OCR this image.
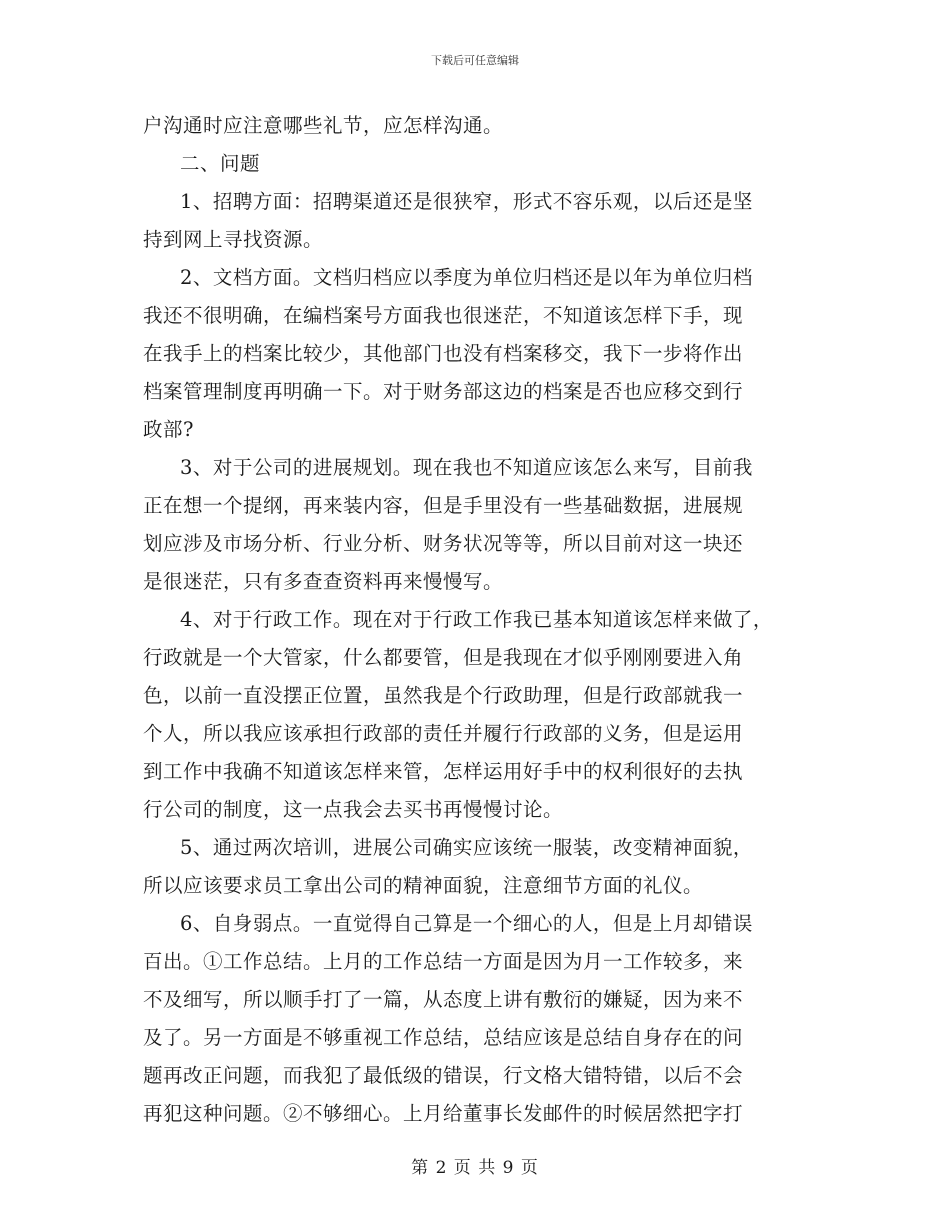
下载后可任意编辑
户沟通时应注意哪些礼节，应怎样沟通。
二、问题
1、招聘方面：招聘渠道还是很狭窄，形式不容乐观，以后还是坚
持到网上寻找资源。
2、文档方面。文档归档应以季度为单位归档还是以年为单位归档
我还不很明确，在编档案号方面我也很迷茫，不知道该怎样下手，现
在我手上的档案比较少，其他部门也没有档案移交，我下一步将作出
档案管理制度再明确一下。对于财务部这边的档案是否也应移交到行
政部?
3、对于公司的进展规划。现在我也不知道应该怎么来写，目前我
正在想一个提纲，再来装内容，但是手里没有一些基础数据，进展规
划应涉及市场分析、行业分析、财务状况等等，所以目前对这一块还
是很迷茫，只有多查查资料再来慢慢写。
4、对于行政工作。现在对于行政工作我已基本知道该怎样来做了，
行政就是一个大管家，什么都要管，但是我现在才似乎刚刚要进入角
色，以前一直没摆正位置，虽然我是个行政助理，但是行政部就我一
个人，所以我应该承担行政部的责任并履行行政部的义务，但是运用
到工作中我确不知道该怎样来管，怎样运用好手中的权利很好的去执
行公司的制度，这一点我会去买书再慢慢讨论。
5、通过两次培训，进展公司确实应该统一服装，改变精神面貌，
所以应该要求员工拿出公司的精神面貌，注意细节方面的礼仪。
6、自身弱点。一直觉得自己算是一个细心的人，但是上月却错误
百出。①工作总结。上月的工作总结一方面是因为月一工作较多，来
不及细写，所以顺手打了一篇，从态度上讲有敷衍的嫌疑，因为来不
及了。另一方面是不够重视工作总结，总结应该是总结自身存在的问
题再改正问题，而我犯了最低级的错误，行文格大错特错，以后不会
再犯这种问题。②不够细心。上月给董事长发邮件的时候居然把字打
第 2 页 共 9 页
